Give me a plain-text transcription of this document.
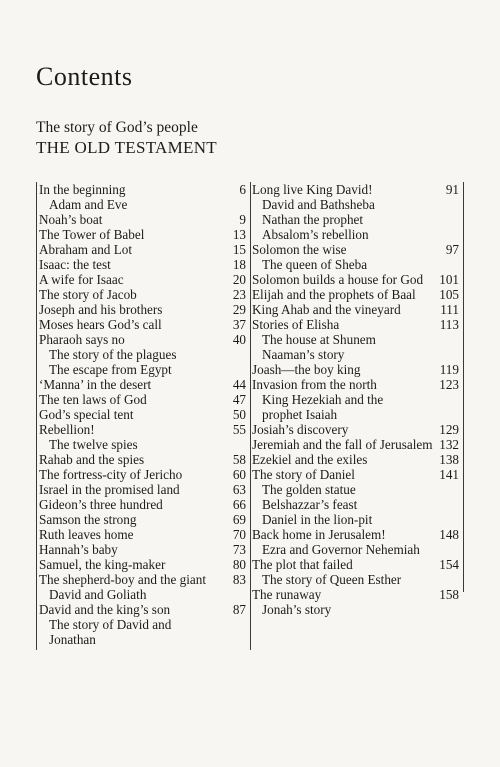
Contents
The story of God’s people
THE OLD TESTAMENT
In the beginning	6
Adam and Eve
Noah’s boat	9
The Tower of Babel	13
Abraham and Lot	15
Isaac: the test	18
A wife for Isaac	20
The story of Jacob	23
Joseph and his brothers	29
Moses hears God’s call	37
Pharaoh says no	40
The story of the plagues
The escape from Egypt
‘Manna’ in the desert	44
The ten laws of God	47
God’s special tent	50
Rebellion!	55
The twelve spies
Rahab and the spies	58
The fortress-city of Jericho	60
Israel in the promised land	63
Gideon’s three hundred	66
Samson the strong	69
Ruth leaves home	70
Hannah’s baby	73
Samuel, the king-maker	80
The shepherd-boy and the giant	83
David and Goliath
David and the king’s son	87
The story of David and
Jonathan
Long live King David!	91
David and Bathsheba
Nathan the prophet
Absalom’s rebellion
Solomon the wise	97
The queen of Sheba
Solomon builds a house for God	101
Elijah and the prophets of Baal	105
King Ahab and the vineyard	111
Stories of Elisha	113
The house at Shunem
Naaman’s story
Joash—the boy king	119
Invasion from the north	123
King Hezekiah and the
prophet Isaiah
Josiah’s discovery	129
Jeremiah and the fall of Jerusalem 132
Ezekiel and the exiles	138
The story of Daniel	141
The golden statue
Belshazzar’s feast
Daniel in the lion-pit
Back home in Jerusalem!	148
Ezra and Governor Nehemiah
The plot that failed	154
The story of Queen Esther
The runaway	158
Jonah’s story
